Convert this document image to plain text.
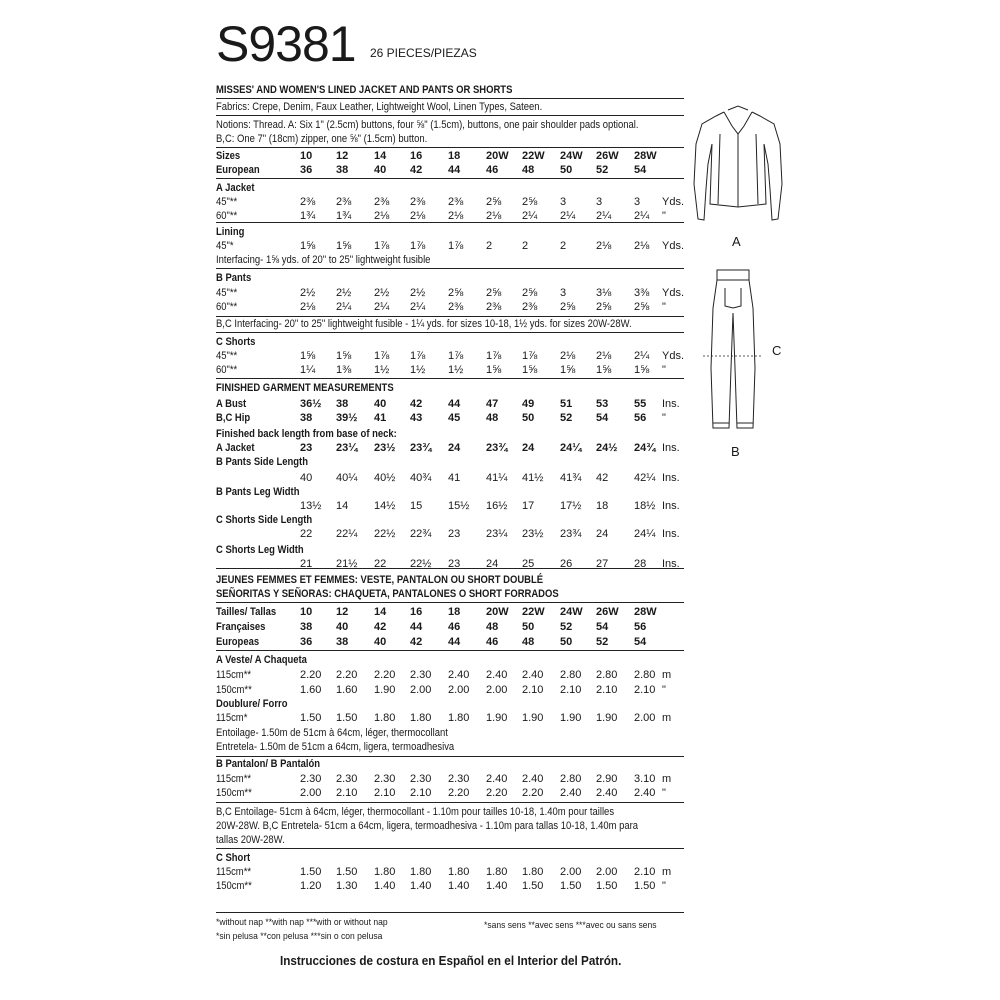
S9381 26 PIECES/PIEZAS
MISSES' AND WOMEN'S LINED JACKET AND PANTS OR SHORTS
Fabrics: Crepe, Denim, Faux Leather, Lightweight Wool, Linen Types, Sateen.
Notions: Thread. A: Six 1" (2.5cm) buttons, four ⅝" (1.5cm), buttons, one pair shoulder pads optional.
B,C: One 7" (18cm) zipper, one ⅝" (1.5cm) button.
Sizes	10 12 14 16 18 20W 22W 24W 26W 28W
European	36 38 40 42 44 46 48 50 52 54
A Jacket
45"**	2⅜ 2⅜ 2⅜ 2⅜ 2⅜ 2⅝ 2⅝ 3	3	3 Yds.
60"**	1¾ 1¾ 2⅛ 2⅛ 2⅛ 2⅛ 2¼ 2¼ 2¼ 2¼ "
Lining
45"*	1⅝ 1⅝ 1⅞ 1⅞ 1⅞ 2	2	2	2⅛ 2⅛ Yds.
B Pants
45"**	2½ 2½ 2½ 2½ 2⅝ 2⅝ 2⅝ 3	3⅛ 3⅜ Yds.
60"**	2⅛ 2¼ 2¼ 2¼ 2⅜ 2⅜ 2⅜ 2⅝ 2⅝ 2⅝ "
C Shorts
45"**	1⅝ 1⅝ 1⅞ 1⅞ 1⅞ 1⅞ 1⅞ 2⅛ 2⅛ 2¼ Yds.
60"**	1¼ 1⅜ 1½ 1½ 1½ 1⅝ 1⅝ 1⅝ 1⅝ 1⅝ "
FINISHED GARMENT MEASUREMENTS
A Bust	36½ 38 40 42 44 47 49 51 53 55 Ins.
B,C Hip	38 39½ 41 43 45 48 50 52 54 56 "
A Jacket	23 23¼ 23½ 23¾ 24 23¾ 24 24¼ 24½ 24¾ Ins.
B Pants Side Length
40 40¼ 40½ 40¾ 41 41¼ 41½ 41¾ 42 42¼ Ins.
B Pants Leg Width
13½ 14 14½ 15 15½ 16½ 17 17½ 18 18½ Ins.
C Shorts Side Length
22 22¼ 22½ 22¾ 23 23¼ 23½ 23¾ 24 24¼ Ins.
C Shorts Leg Width
21 21½ 22 22½ 23 24 25 26 27 28 Ins.
Interfacing- 1⅝ yds. of 20" to 25" lightweight fusible
B,C Interfacing- 20" to 25" lightweight fusible - 1¼ yds. for sizes 10-18, 1½ yds. for sizes 20W-28W.
Finished back length from base of neck:
JEUNES FEMMES ET FEMMES: VESTE, PANTALON OU SHORT DOUBLÉ
SEÑORITAS Y SEÑORAS: CHAQUETA, PANTALONES O SHORT FORRADOS
Tailles/ Tallas 10 12 14 16 18 20W 22W 24W 26W 28W
Françaises	38 40 42 44 46 48 50 52 54 56
Europeas	36 38 40 42 44 46 48 50 52 54
A Veste/ A Chaqueta
115cm**	2.20 2.20 2.20 2.30 2.40 2.40 2.40 2.80 2.80 2.80 m
150cm**	1.60 1.60 1.90 2.00 2.00 2.00 2.10 2.10 2.10 2.10 "
Doublure/ Forro
115cm*	1.50 1.50 1.80 1.80 1.80 1.90 1.90 1.90 1.90 2.00 m
B Pantalon/ B Pantalón
115cm**	2.30 2.30 2.30 2.30 2.30 2.40 2.40 2.80 2.90 3.10 m
150cm**	2.00 2.10 2.10 2.10 2.20 2.20 2.20 2.40 2.40 2.40 "
C Short
115cm**	1.50 1.50 1.80 1.80 1.80 1.80 1.80 2.00 2.00 2.10 m
150cm**	1.20 1.30 1.40 1.40 1.40 1.40 1.50 1.50 1.50 1.50 "
Entoilage- 1.50m de 51cm à 64cm, léger, thermocollant
Entretela- 1.50m de 51cm a 64cm, ligera, termoadhesiva
B,C Entoilage- 51cm à 64cm, léger, thermocollant - 1.10m pour tailles 10-18, 1.40m pour tailles
20W-28W. B,C Entretela- 51cm a 64cm, ligera, termoadhesiva - 1.10m para tallas 10-18, 1.40m para
tallas 20W-28W.
*without nap **with nap ***with or without nap
*sin pelusa **con pelusa ***sin o con pelusa
*sans sens **avec sens ***avec ou sans sens
Instrucciones de costura en Español en el Interior del Patrón.
A
C
B
